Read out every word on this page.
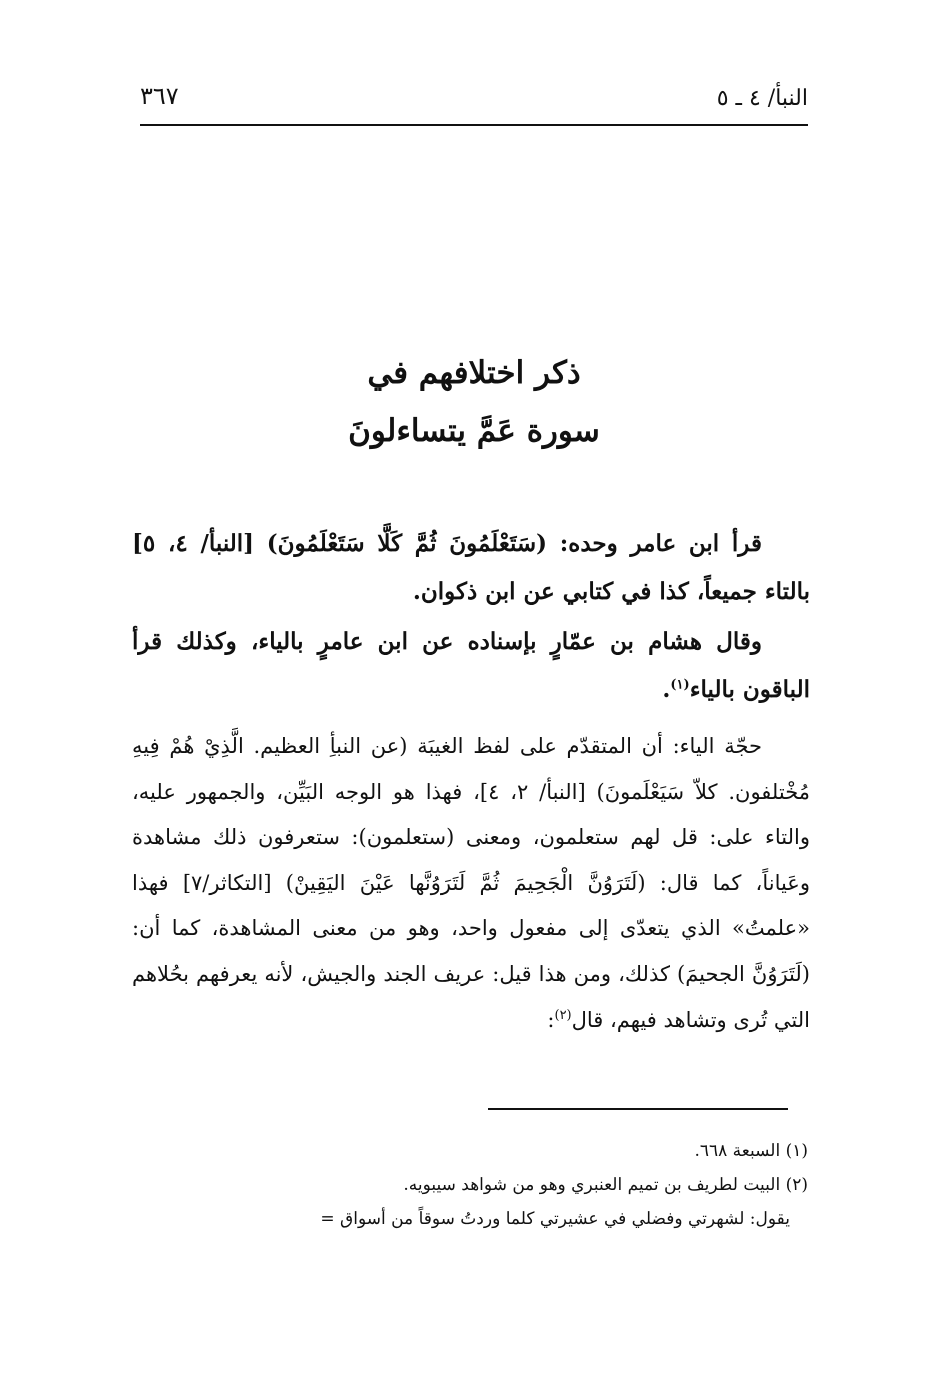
النبأ/ ٤ ـ ٥
٣٦٧
ذكر اختلافهم في
سورة عَمَّ يتساءلونَ

قرأ ابن عامر وحده: (سَتَعْلَمُونَ ثُمَّ كَلَّا سَتَعْلَمُونَ) [النبأ/ ٤، ٥] بالتاء جميعاً، كذا في كتابي عن ابن ذكوان.

وقال هشام بن عمّارٍ بإسناده عن ابن عامرٍ بالياء، وكذلك قرأ الباقون بالياء$^{(١)}$.

حجّة الياء: أن المتقدّم على لفظ الغيبَة (عن النبأِ العظيم. الَّذِيْ هُمْ فِيهِ مُخْتلفون. كلاّ سَيَعْلَمونَ) [النبأ/ ٢، ٤]، فهذا هو الوجه البَيِّن، والجمهور عليه، والتاء على: قل لهم ستعلمون، ومعنى (ستعلمون): ستعرفون ذلك مشاهدة وعَياناً، كما قال: (لَتَرَوُنَّ الْجَحِيمَ ثُمَّ لَتَرَوُنَّها عَيْنَ اليَقِينْ) [التكاثر/٧] فهذا «علمتُ» الذي يتعدّى إلى مفعول واحد، وهو من معنى المشاهدة، كما أن: (لَتَرَوُنَّ الجحيمَ) كذلك، ومن هذا قيل: عريف الجند والجيش، لأنه يعرفهم بحُلاهم التي تُرى وتشاهد فيهم، قال$^{(٢)}$:

(١) السبعة ٦٦٨.
(٢) البيت لطريف بن تميم العنبري وهو من شواهد سيبويه.
يقول: لشهرتي وفضلي في عشيرتي كلما وردتُ سوقاً من أسواق =
